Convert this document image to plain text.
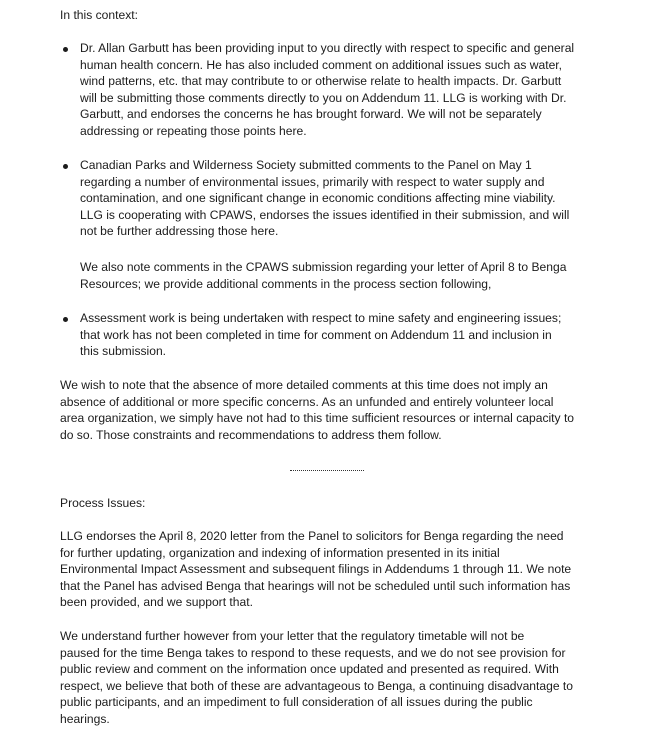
In this context:

Dr. Allan Garbutt has been providing input to you directly with respect to specific and general
human health concern. He has also included comment on additional issues such as water,
wind patterns, etc. that may contribute to or otherwise relate to health impacts. Dr. Garbutt
will be submitting those comments directly to you on Addendum 11. LLG is working with Dr.
Garbutt, and endorses the concerns he has brought forward. We will not be separately
addressing or repeating those points here.

Canadian Parks and Wilderness Society submitted comments to the Panel on May 1
regarding a number of environmental issues, primarily with respect to water supply and
contamination, and one significant change in economic conditions affecting mine viability.
LLG is cooperating with CPAWS, endorses the issues identified in their submission, and will
not be further addressing those here.

We also note comments in the CPAWS submission regarding your letter of April 8 to Benga
Resources; we provide additional comments in the process section following,

Assessment work is being undertaken with respect to mine safety and engineering issues;
that work has not been completed in time for comment on Addendum 11 and inclusion in
this submission.

We wish to note that the absence of more detailed comments at this time does not imply an
absence of additional or more specific concerns. As an unfunded and entirely volunteer local
area organization, we simply have not had to this time sufficient resources or internal capacity to
do so. Those constraints and recommendations to address them follow.

Process Issues:

LLG endorses the April 8, 2020 letter from the Panel to solicitors for Benga regarding the need
for further updating, organization and indexing of information presented in its initial
Environmental Impact Assessment and subsequent filings in Addendums 1 through 11. We note
that the Panel has advised Benga that hearings will not be scheduled until such information has
been provided, and we support that.

We understand further however from your letter that the regulatory timetable will not be
paused for the time Benga takes to respond to these requests, and we do not see provision for
public review and comment on the information once updated and presented as required. With
respect, we believe that both of these are advantageous to Benga, a continuing disadvantage to
public participants, and an impediment to full consideration of all issues during the public
hearings.
